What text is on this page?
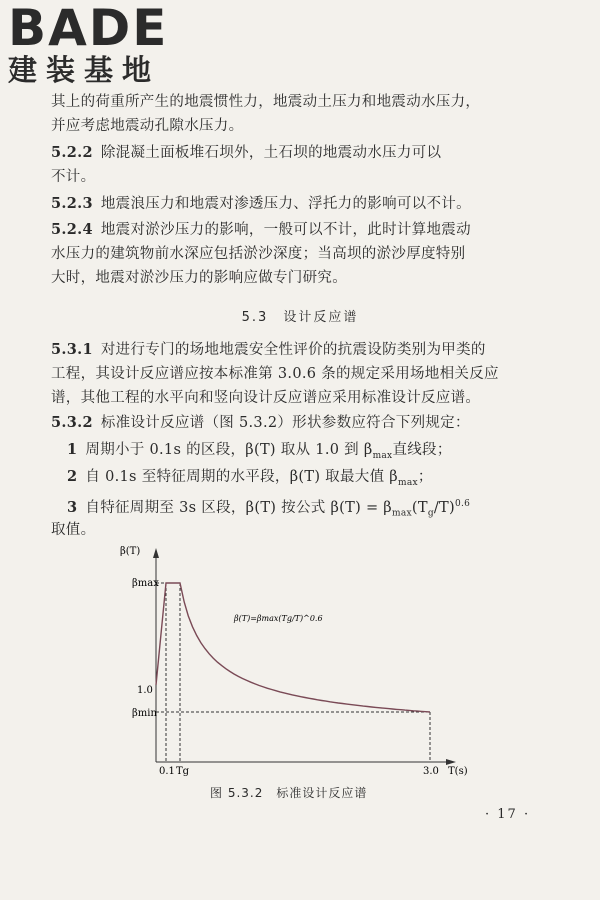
BADE
建装基地
其上的荷重所产生的地震惯性力，地震动土压力和地震动水压力，
并应考虑地震动孔隙水压力。
5.2.2 除混凝土面板堆石坝外，土石坝的地震动水压力可以
不计。
5.2.3 地震浪压力和地震对渗透压力、浮托力的影响可以不计。
5.2.4 地震对淤沙压力的影响，一般可以不计，此时计算地震动
水压力的建筑物前水深应包括淤沙深度；当高坝的淤沙厚度特别
大时，地震对淤沙压力的影响应做专门研究。
5.3　 设计反应谱
5.3.1 对进行专门的场地地震安全性评价的抗震设防类别为甲类的
工程，其设计反应谱应按本标准第 3.0.6 条的规定采用场地相关反应
谱，其他工程的水平向和竖向设计反应谱应采用标准设计反应谱。
5.3.2 标准设计反应谱（图 5.3.2）形状参数应符合下列规定：
1 周期小于 0.1s 的区段，β(T) 取从 1.0 到 $\beta_{max}$直线段；
2 自 0.1s 至特征周期的水平段，β(T) 取最大值 $\beta_{max}$；
3 自特征周期至 3s 区段，β(T) 按公式 $\beta(T) = \beta_{max}(T_g/T)^{0.6}$
取值。
β(T)
βmax
1.0
βmin
0.1 Tg	3.0 T(s)
β(T)=βmax(Tg/T)^0.6
图 5.3.2　标准设计反应谱
· 17 ·
